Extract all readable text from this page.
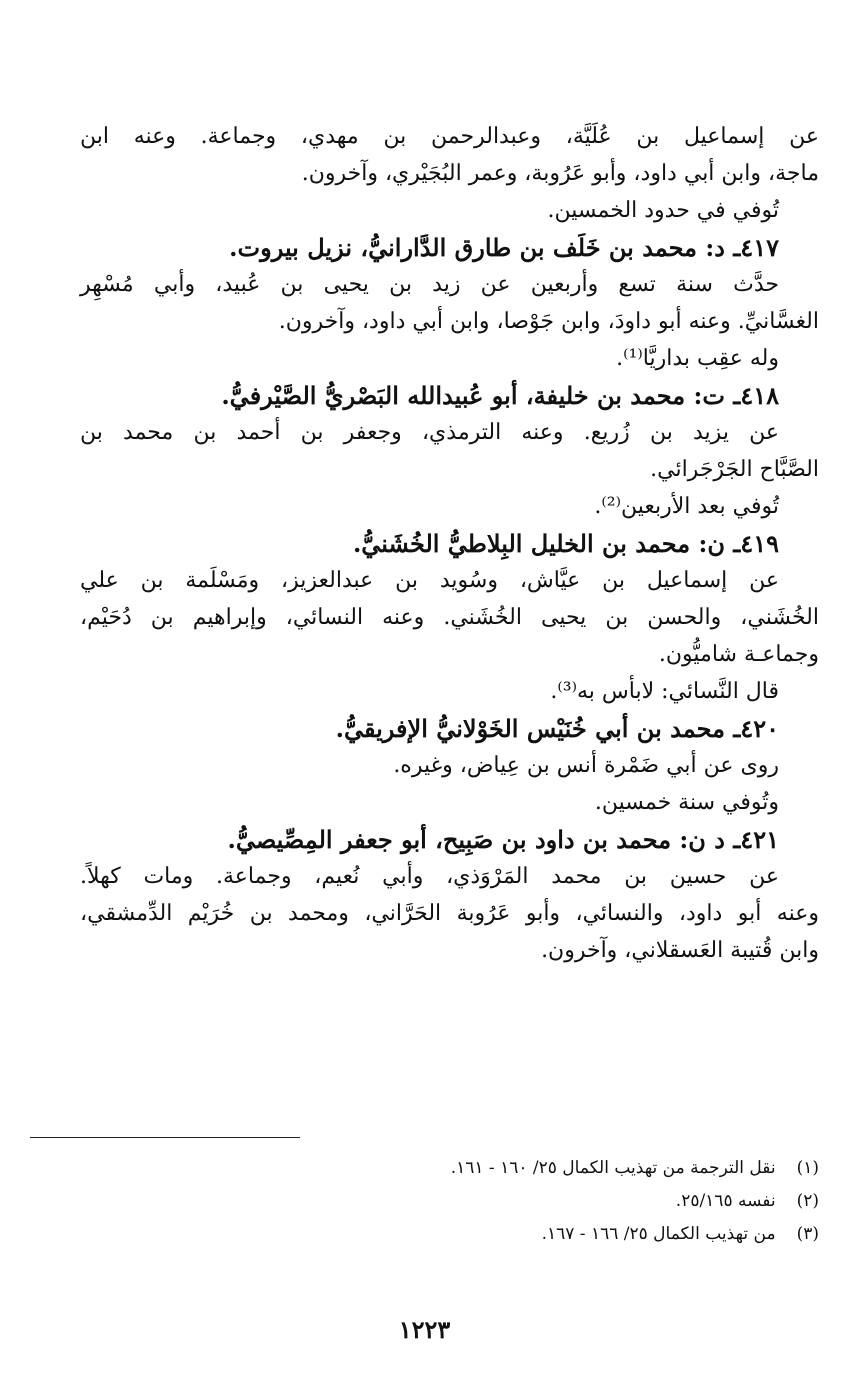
عن إسماعيل بن عُلَيَّة، وعبدالرحمن بن مهدي، وجماعة. وعنه ابن
ماجة، وابن أبي داود، وأبو عَرُوبة، وعمر البُجَيْري، وآخرون.
تُوفي في حدود الخمسين.
٤١٧ـ د: محمد بن خَلَف بن طارق الدَّارانيُّ، نزيل بيروت.
حدَّث سنة تسع وأربعين عن زيد بن يحيى بن عُبيد، وأبي مُسْهِر
الغسَّانيِّ. وعنه أبو داودَ، وابن جَوْصا، وابن أبي داود، وآخرون.
وله عقِب بداريَّا⁽¹⁾.
٤١٨ـ ت: محمد بن خليفة، أبو عُبيدالله البَصْريُّ الصَّيْرفيُّ.
عن يزيد بن زُريع. وعنه الترمذي، وجعفر بن أحمد بن محمد بن
الصَّبَّاح الجَرْجَرائي.
تُوفي بعد الأربعين⁽²⁾.
٤١٩ـ ن: محمد بن الخليل البِلاطيُّ الخُشَنيُّ.
عن إسماعيل بن عيَّاش، وسُويد بن عبدالعزيز، ومَسْلَمة بن علي
الخُشَني، والحسن بن يحيى الخُشَني. وعنه النسائي، وإبراهيم بن دُحَيْم،
وجماعـة شاميُّون.
قال النَّسائي: لابأس به⁽³⁾.
٤٢٠ـ محمد بن أبي خُنَيْس الخَوْلانيُّ الإفريقيُّ.
روى عن أبي ضَمْرة أنس بن عِياض، وغيره.
وتُوفي سنة خمسين.
٤٢١ـ د ن: محمد بن داود بن صَبِيح، أبو جعفر المِصِّيصيُّ.
عن حسين بن محمد المَرْوَذي، وأبي نُعيم، وجماعة. ومات كهلاً.
وعنه أبو داود، والنسائي، وأبو عَرُوبة الحَرَّاني، ومحمد بن خُرَيْم الدِّمشقي،
وابن قُتيبة العَسقلاني، وآخرون.
(١) نقل الترجمة من تهذيب الكمال ٢٥/ ١٦٠ - ١٦١.
(٢) نفسه ٢٥/١٦٥.
(٣) من تهذيب الكمال ٢٥/ ١٦٦ - ١٦٧.
١٢٢٣
